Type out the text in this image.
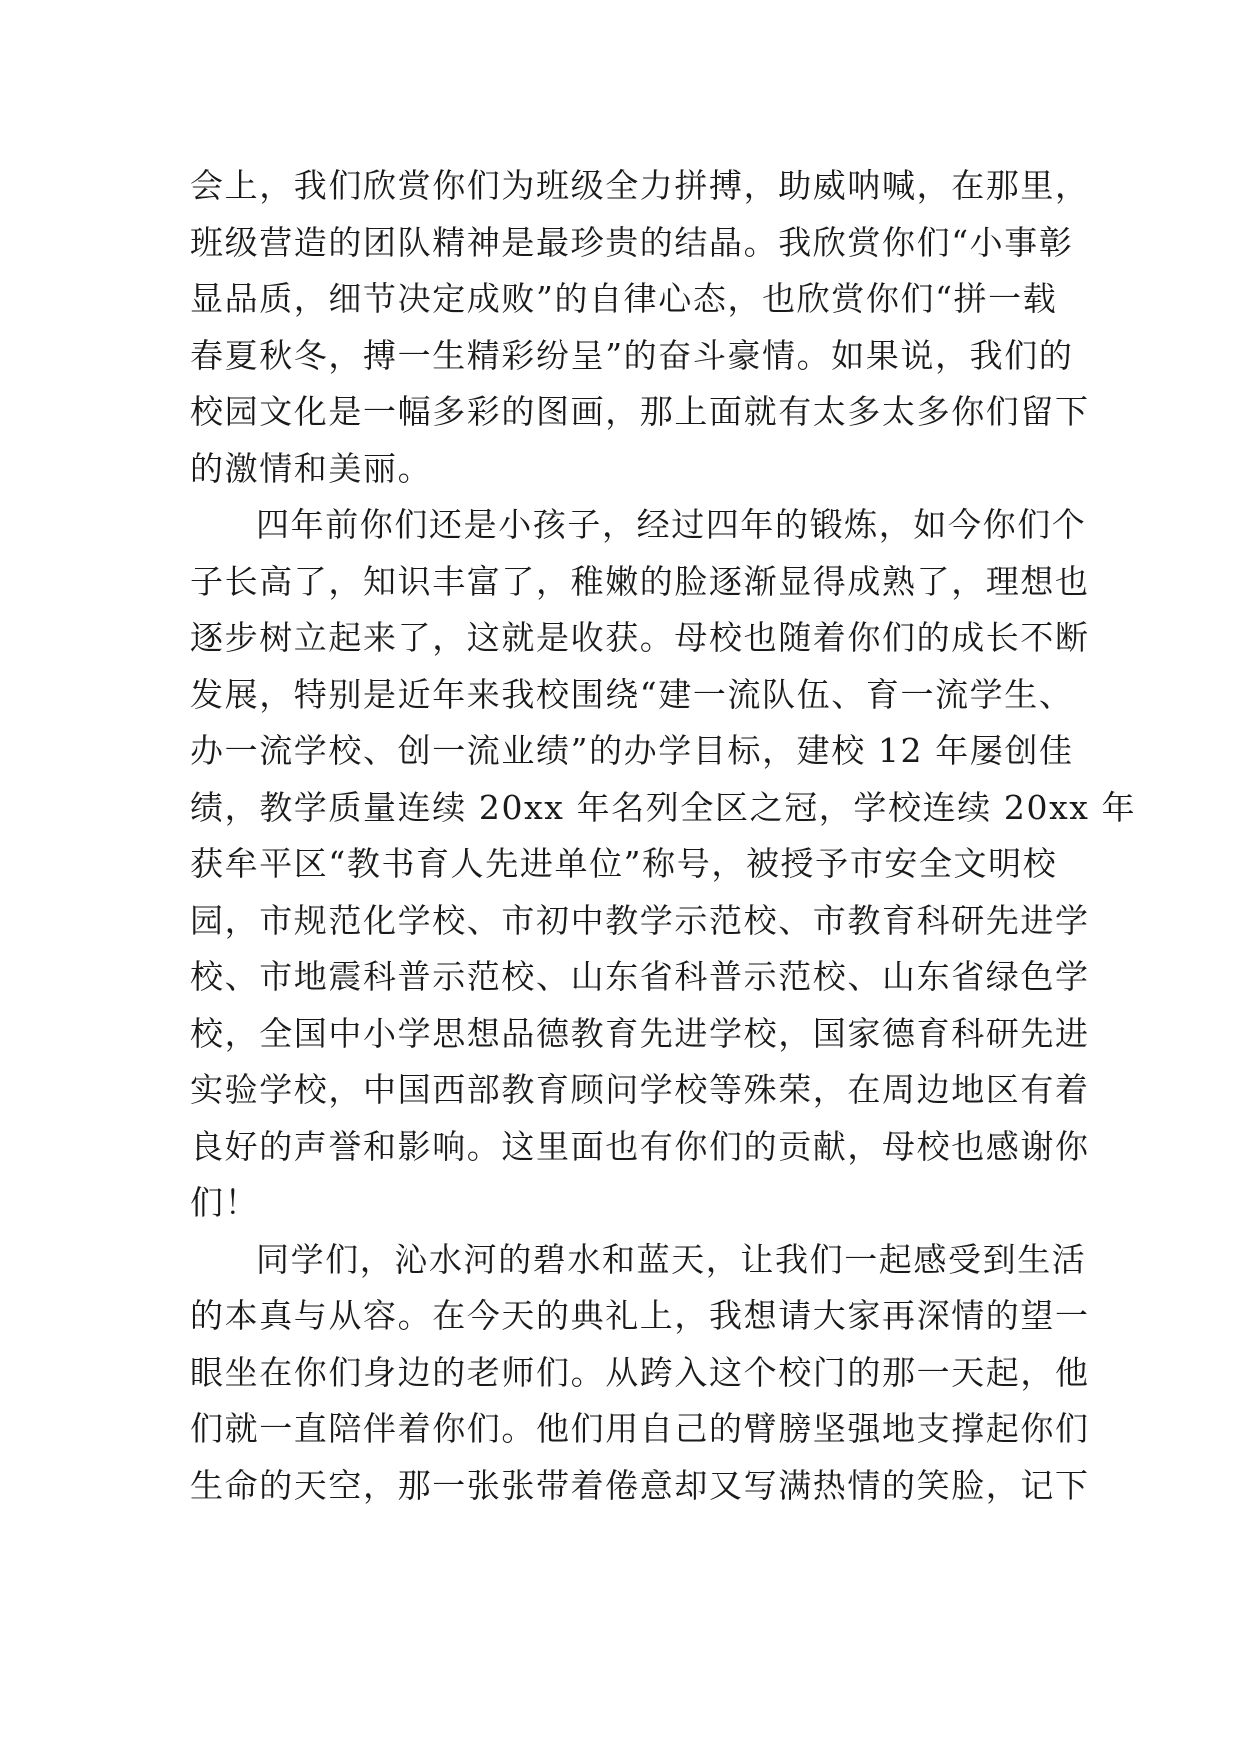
会上，我们欣赏你们为班级全力拼搏，助威呐喊，在那里，
班级营造的团队精神是最珍贵的结晶。我欣赏你们“小事彰
显品质，细节决定成败”的自律心态，也欣赏你们“拼一载
春夏秋冬，搏一生精彩纷呈”的奋斗豪情。如果说，我们的
校园文化是一幅多彩的图画，那上面就有太多太多你们留下
的激情和美丽。
四年前你们还是小孩子，经过四年的锻炼，如今你们个
子长高了，知识丰富了，稚嫩的脸逐渐显得成熟了，理想也
逐步树立起来了，这就是收获。母校也随着你们的成长不断
发展，特别是近年来我校围绕“建一流队伍、育一流学生、
办一流学校、创一流业绩”的办学目标，建校 12 年屡创佳
绩，教学质量连续 20xx 年名列全区之冠，学校连续 20xx 年
获牟平区“教书育人先进单位”称号，被授予市安全文明校
园，市规范化学校、市初中教学示范校、市教育科研先进学
校、市地震科普示范校、山东省科普示范校、山东省绿色学
校，全国中小学思想品德教育先进学校，国家德育科研先进
实验学校，中国西部教育顾问学校等殊荣，在周边地区有着
良好的声誉和影响。这里面也有你们的贡献，母校也感谢你
们！
同学们，沁水河的碧水和蓝天，让我们一起感受到生活
的本真与从容。在今天的典礼上，我想请大家再深情的望一
眼坐在你们身边的老师们。从跨入这个校门的那一天起，他
们就一直陪伴着你们。他们用自己的臂膀坚强地支撑起你们
生命的天空，那一张张带着倦意却又写满热情的笑脸，记下
